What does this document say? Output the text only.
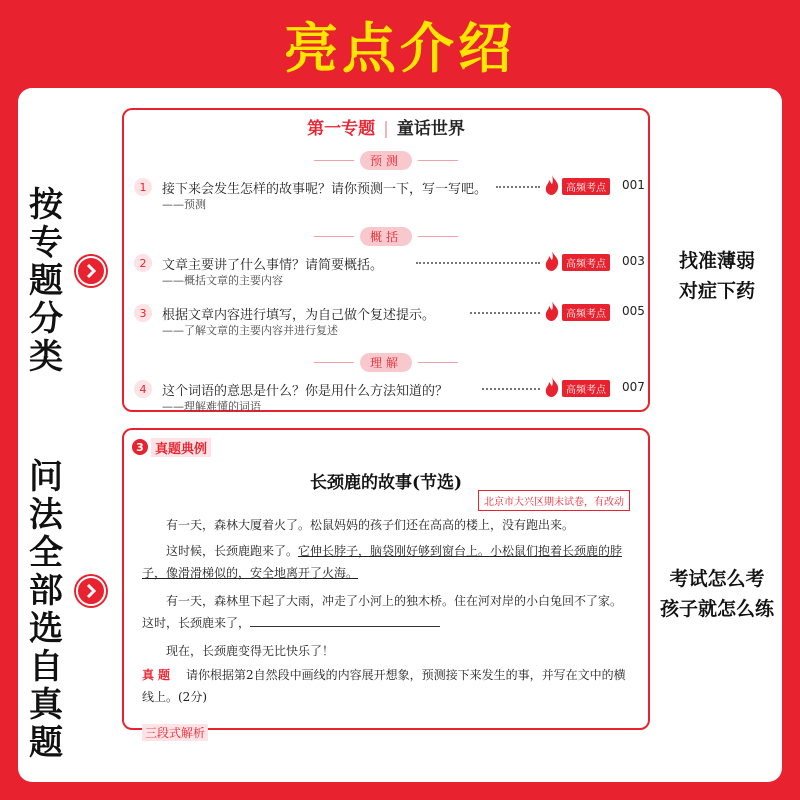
亮点介绍
按专题分类
问法全部选自真题
找准薄弱
对症下药
考试怎么考
孩子就怎么练
第一专题 | 童话世界
预测
1	接下来会发生怎样的故事呢？请你预测一下，写一写吧。
——预测
高频考点	001
概括
2	文章主要讲了什么事情？请简要概括。
——概括文章的主要内容
高频考点	003
3	根据文章内容进行填写，为自己做个复述提示。
——了解文章的主要内容并进行复述
高频考点	005
理解
4	这个词语的意思是什么？你是用什么方法知道的？
——理解难懂的词语
高频考点	007
3 真题典例
长颈鹿的故事(节选)
北京市大兴区期末试卷，有改动
有一天，森林大厦着火了。松鼠妈妈的孩子们还在高高的楼上，没有跑出来。
这时候，长颈鹿跑来了。它伸长脖子，脑袋刚好够到窗台上。小松鼠们抱着长颈鹿的脖子，像滑滑梯似的，安全地离开了火海。
有一天，森林里下起了大雨，冲走了小河上的独木桥。住在河对岸的小白兔回不了家。这时，长颈鹿来了，
现在，长颈鹿变得无比快乐了！
真题 请你根据第2自然段中画线的内容展开想象，预测接下来发生的事，并写在文中的横线上。(2分)
三段式解析
